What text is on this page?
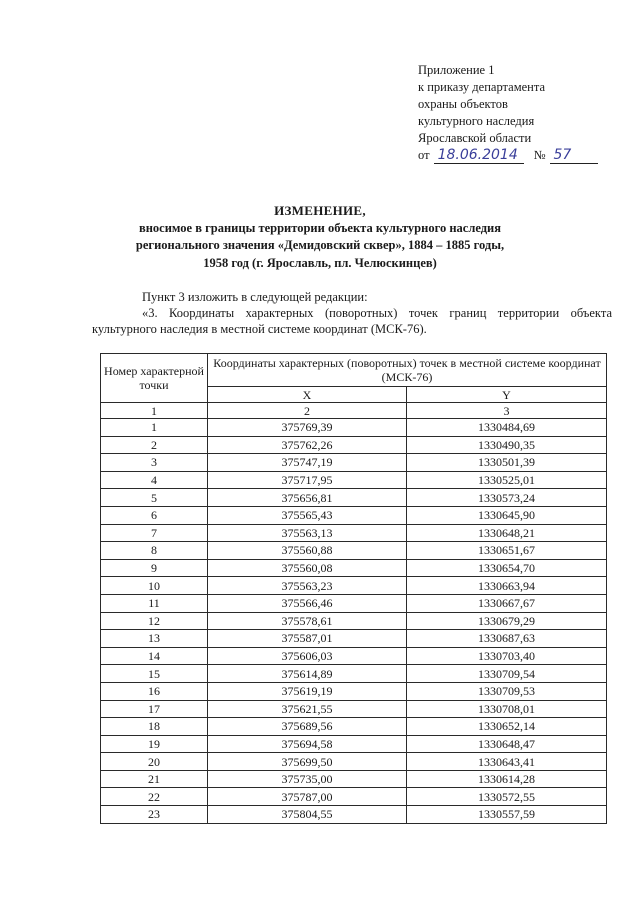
Приложение 1
к приказу департамента
охраны объектов
культурного наследия
Ярославской области
от 18.06.2014	№ 57
ИЗМЕНЕНИЕ,
вносимое в границы территории объекта культурного наследия
регионального значения «Демидовский сквер», 1884 – 1885 годы,
1958 год (г. Ярославль, пл. Челюскинцев)
Пункт 3 изложить в следующей редакции:
«3. Координаты характерных (поворотных) точек границ территории объекта культурного наследия в местной системе координат (МСК-76).
Номер характерной точки	Координаты характерных (поворотных) точек в местной системе координат (МСК-76)	
	X	Y
1	2	3
1	375769,39	1330484,69
2	375762,26	1330490,35
3	375747,19	1330501,39
4	375717,95	1330525,01
5	375656,81	1330573,24
6	375565,43	1330645,90
7	375563,13	1330648,21
8	375560,88	1330651,67
9	375560,08	1330654,70
10	375563,23	1330663,94
11	375566,46	1330667,67
12	375578,61	1330679,29
13	375587,01	1330687,63
14	375606,03	1330703,40
15	375614,89	1330709,54
16	375619,19	1330709,53
17	375621,55	1330708,01
18	375689,56	1330652,14
19	375694,58	1330648,47
20	375699,50	1330643,41
21	375735,00	1330614,28
22	375787,00	1330572,55
23	375804,55	1330557,59
